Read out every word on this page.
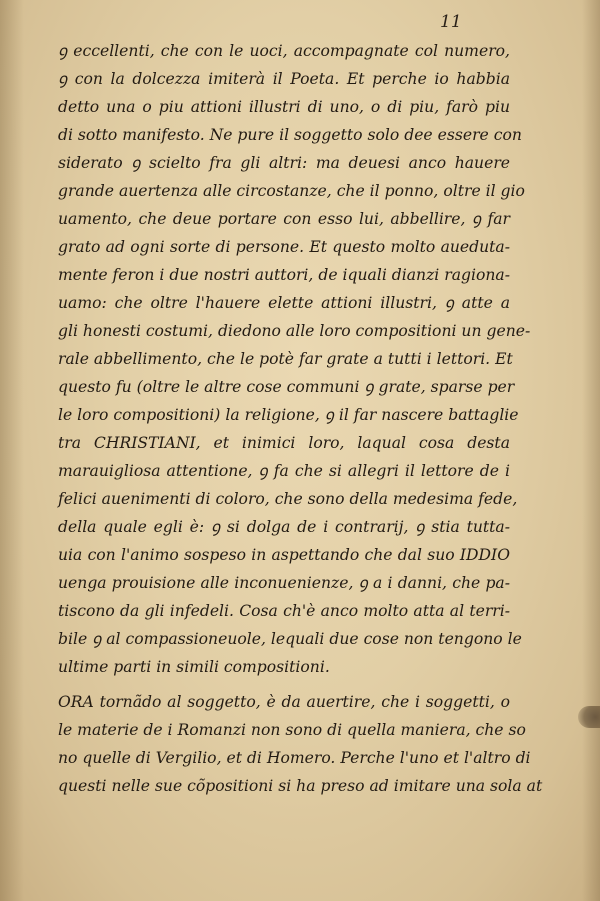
11
ꝯ eccellenti, che con le uoci, accompagnate col numero,
ꝯ con la dolcezza imiterà il Poeta. Et perche io habbia
detto una o piu attioni illustri di uno, o di piu, farò piu
di sotto manifesto. Ne pure il soggetto solo dee essere con
siderato ꝯ scielto fra gli altri: ma deuesi anco hauere
grande auertenza alle circostanze, che il ponno, oltre il gio
uamento, che deue portare con esso lui, abbellire, ꝯ far
grato ad ogni sorte di persone. Et questo molto aueduta-
mente feron i due nostri auttori, de iquali dianzi ragiona-
uamo: che oltre l'hauere elette attioni illustri, ꝯ atte a
gli honesti costumi, diedono alle loro compositioni un gene-
rale abbellimento, che le potè far grate a tutti i lettori. Et
questo fu (oltre le altre cose communi ꝯ grate, sparse per
le loro compositioni) la religione, ꝯ il far nascere battaglie
tra CHRISTIANI, et inimici loro, laqual cosa desta
marauigliosa attentione, ꝯ fa che si allegri il lettore de i
felici auenimenti di coloro, che sono della medesima fede,
della quale egli è: ꝯ si dolga de i contrarij, ꝯ stia tutta-
uia con l'animo sospeso in aspettando che dal suo IDDIO
uenga prouisione alle inconuenienze, ꝯ a i danni, che pa-
tiscono da gli infedeli. Cosa ch'è anco molto atta al terri-
bile ꝯ al compassioneuole, lequali due cose non tengono le
ultime parti in simili compositioni.
ORA tornãdo al soggetto, è da auertire, che i soggetti, o
le materie de i Romanzi non sono di quella maniera, che so
no quelle di Vergilio, et di Homero. Perche l'uno et l'altro di
questi nelle sue cõpositioni si ha preso ad imitare una sola at
